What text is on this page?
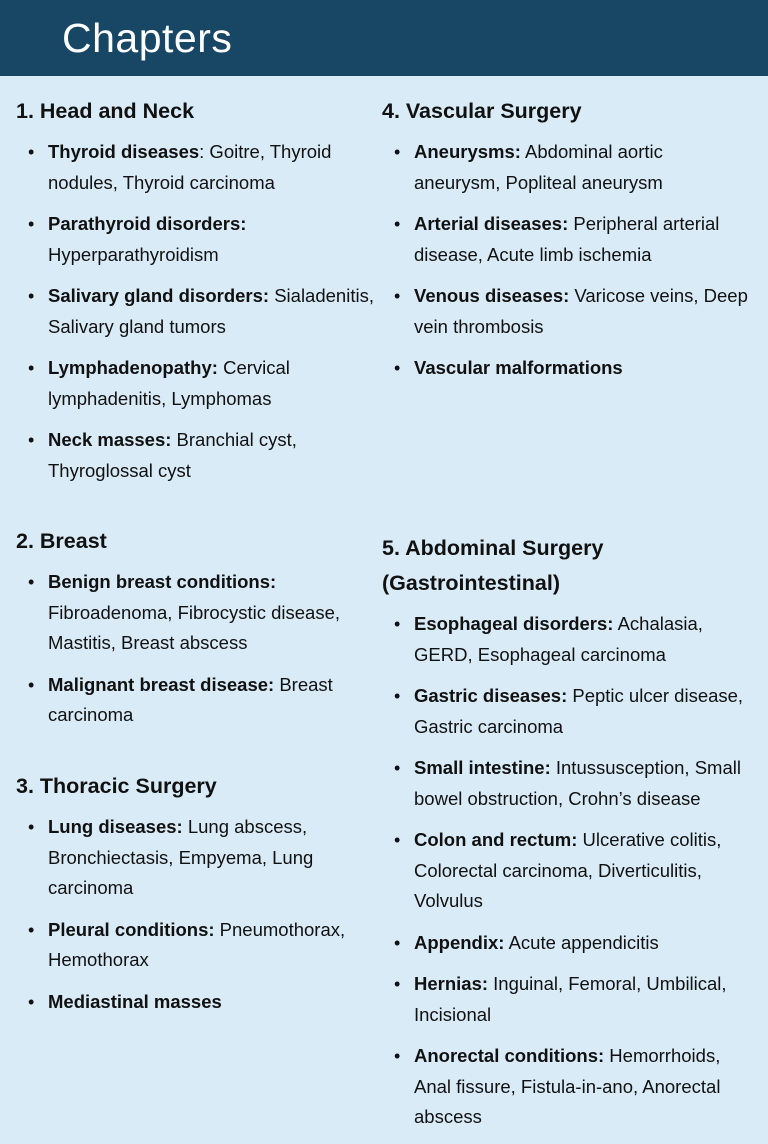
Chapters
1. Head and Neck
• Thyroid diseases: Goitre, Thyroid nodules, Thyroid carcinoma
• Parathyroid disorders: Hyperparathyroidism
• Salivary gland disorders: Sialadenitis, Salivary gland tumors
• Lymphadenopathy: Cervical lymphadenitis, Lymphomas
• Neck masses: Branchial cyst, Thyroglossal cyst
2. Breast
• Benign breast conditions: Fibroadenoma, Fibrocystic disease, Mastitis, Breast abscess
• Malignant breast disease: Breast carcinoma
3. Thoracic Surgery
• Lung diseases: Lung abscess, Bronchiectasis, Empyema, Lung carcinoma
• Pleural conditions: Pneumothorax, Hemothorax
• Mediastinal masses
4. Vascular Surgery
• Aneurysms: Abdominal aortic aneurysm, Popliteal aneurysm
• Arterial diseases: Peripheral arterial disease, Acute limb ischemia
• Venous diseases: Varicose veins, Deep vein thrombosis
• Vascular malformations
5. Abdominal Surgery (Gastrointestinal)
• Esophageal disorders: Achalasia, GERD, Esophageal carcinoma
• Gastric diseases: Peptic ulcer disease, Gastric carcinoma
• Small intestine: Intussusception, Small bowel obstruction, Crohn’s disease
• Colon and rectum: Ulcerative colitis, Colorectal carcinoma, Diverticulitis, Volvulus
• Appendix: Acute appendicitis
• Hernias: Inguinal, Femoral, Umbilical, Incisional
• Anorectal conditions: Hemorrhoids, Anal fissure, Fistula-in-ano, Anorectal abscess
